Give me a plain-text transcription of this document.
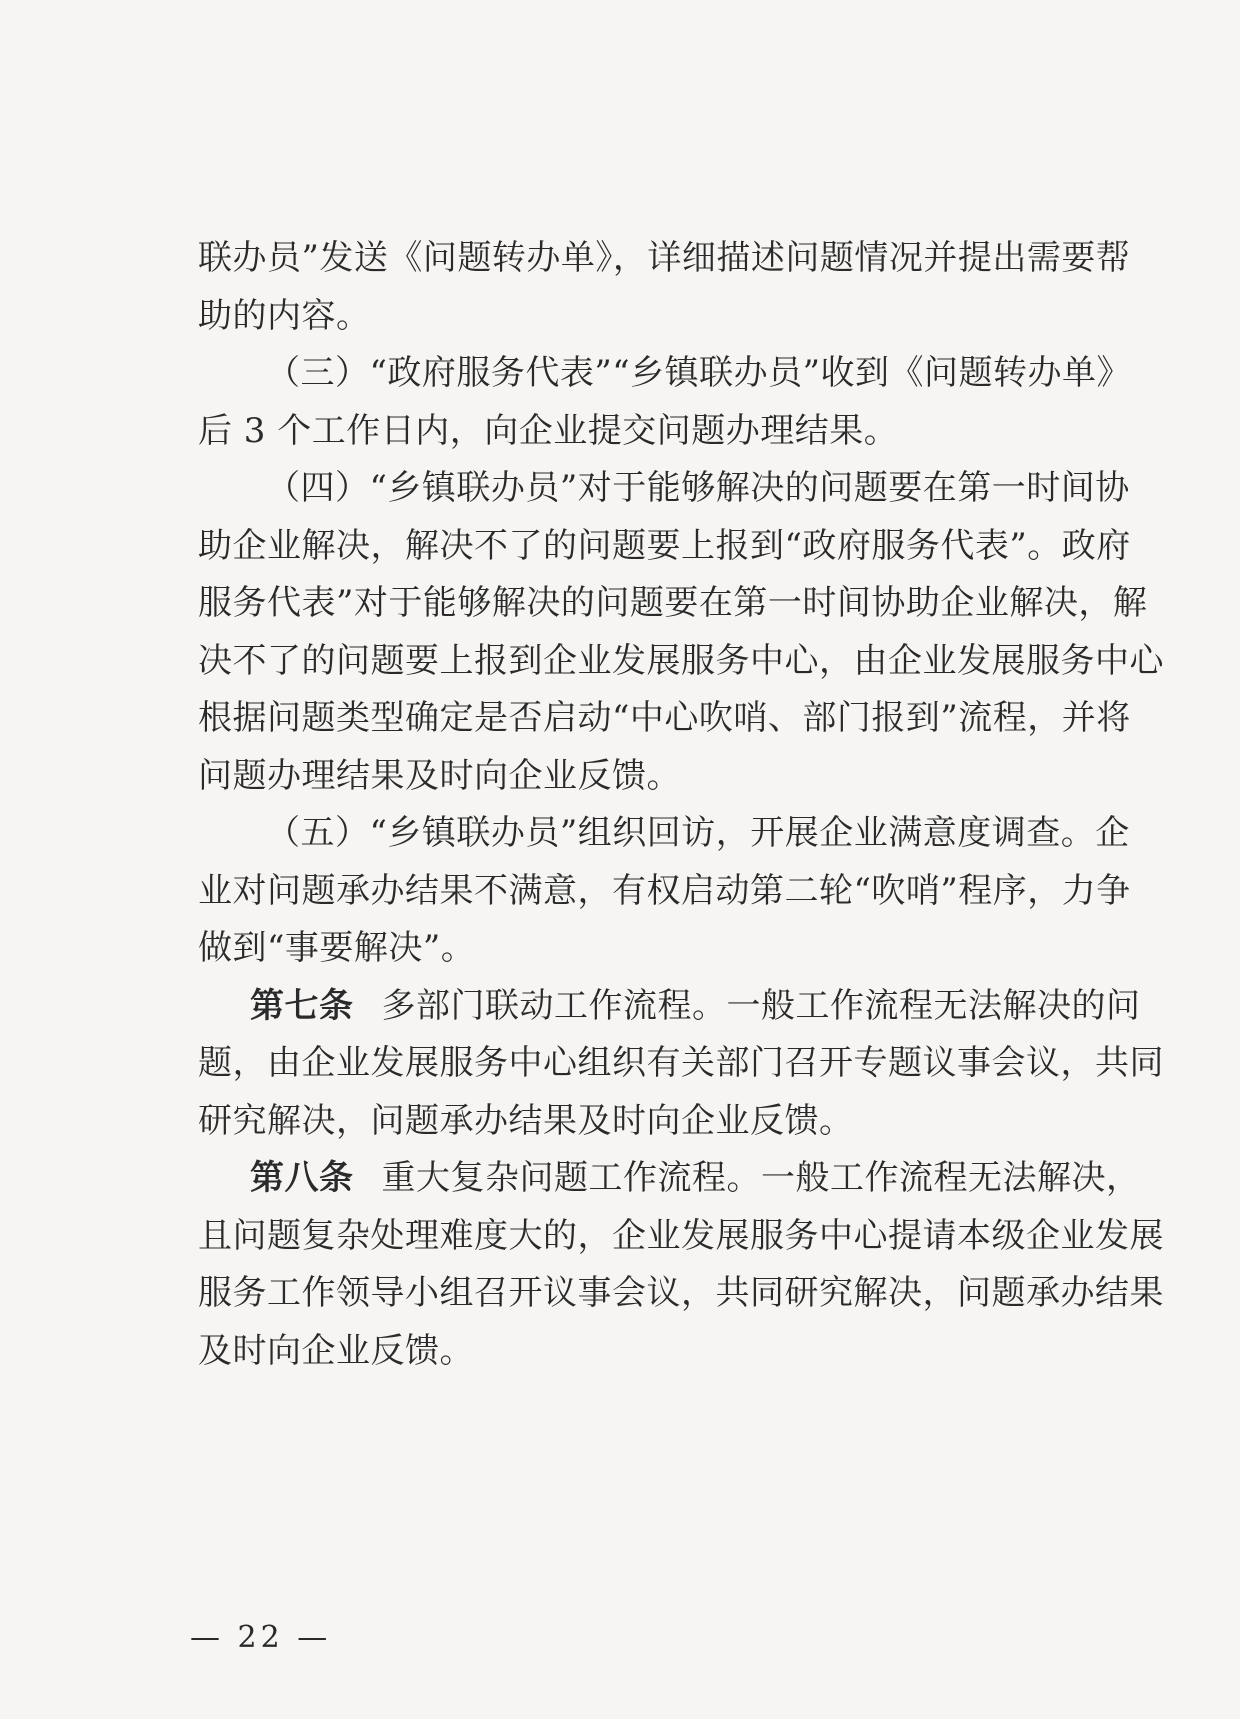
联办员”发送《问题转办单》，详细描述问题情况并提出需要帮
助的内容。
（三）“政府服务代表”“乡镇联办员”收到《问题转办单》
后 3 个工作日内，向企业提交问题办理结果。
（四）“乡镇联办员”对于能够解决的问题要在第一时间协
助企业解决，解决不了的问题要上报到“政府服务代表”。政府
服务代表”对于能够解决的问题要在第一时间协助企业解决，解
决不了的问题要上报到企业发展服务中心，由企业发展服务中心
根据问题类型确定是否启动“中心吹哨、部门报到”流程，并将
问题办理结果及时向企业反馈。
（五）“乡镇联办员”组织回访，开展企业满意度调查。企
业对问题承办结果不满意，有权启动第二轮“吹哨”程序，力争
做到“事要解决”。
第七条 多部门联动工作流程。一般工作流程无法解决的问
题，由企业发展服务中心组织有关部门召开专题议事会议，共同
研究解决，问题承办结果及时向企业反馈。
第八条 重大复杂问题工作流程。一般工作流程无法解决，
且问题复杂处理难度大的，企业发展服务中心提请本级企业发展
服务工作领导小组召开议事会议，共同研究解决，问题承办结果
及时向企业反馈。
— 22 —
